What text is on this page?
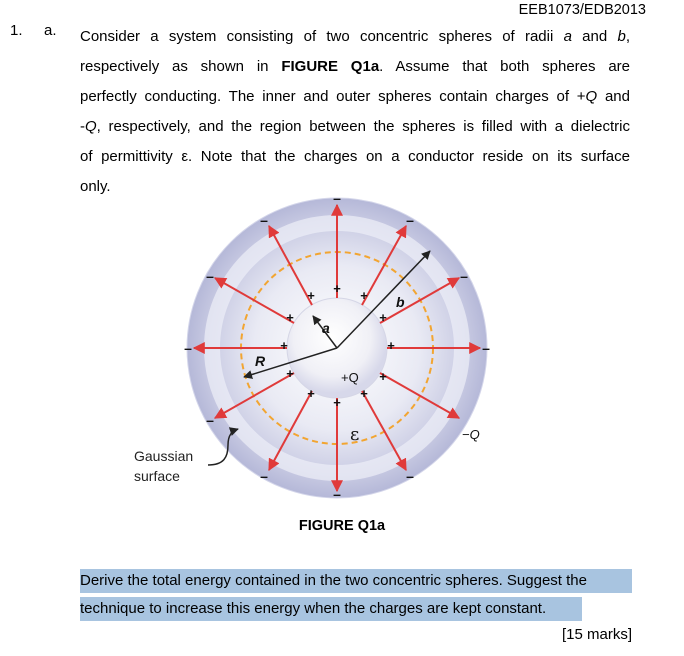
EEB1073/EDB2013
1. a. Consider a system consisting of two concentric spheres of radii a and b,
respectively as shown in FIGURE Q1a. Assume that both spheres are
perfectly conducting. The inner and outer spheres contain charges of +Q and
-Q, respectively, and the region between the spheres is filled with a dielectric
of permittivity ε. Note that the charges on a conductor reside on its surface
only.
+
+	+
+	+
+	+
+	+
+
+
+
–
–
–	–
–	–
–	–
–	–
–
a
b
R
+Q
ε	−Q
Gaussian
surface
FIGURE Q1a
Derive the total energy contained in the two concentric spheres. Suggest the
technique to increase this energy when the charges are kept constant.
[15 marks]
